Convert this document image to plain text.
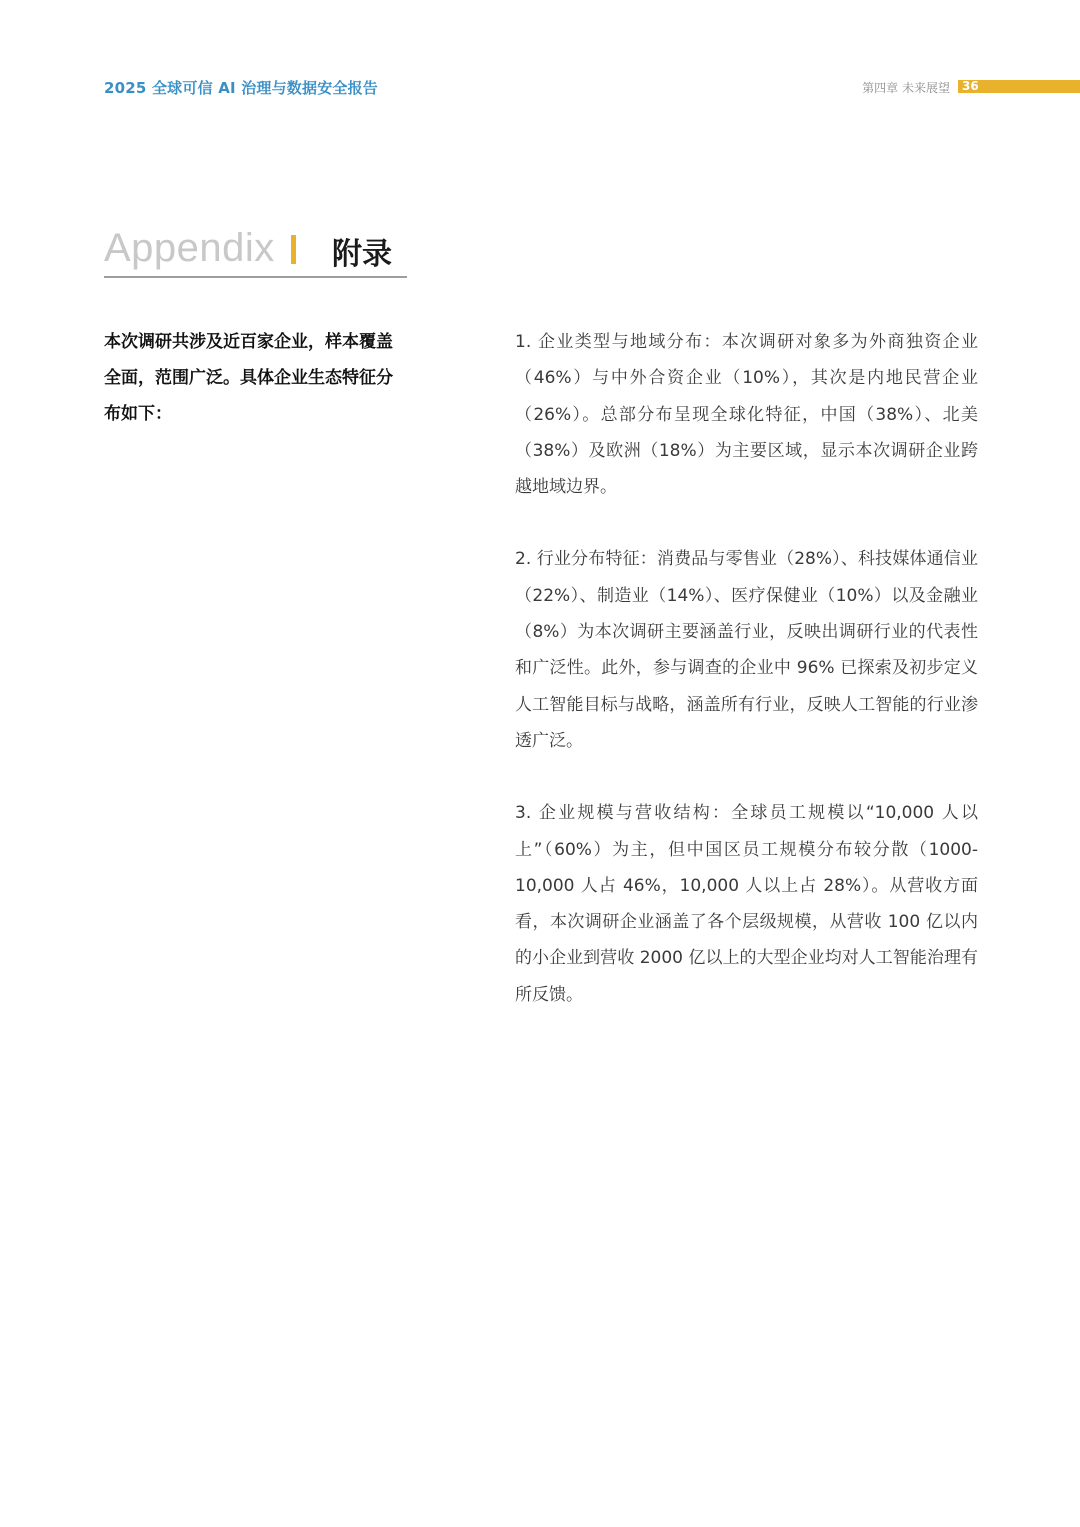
2025 全球可信 AI 治理与数据安全报告	第四章 未来展望 36
Appendix 附录
本次调研共涉及近百家企业，样本覆盖全面，范围广泛。具体企业生态特征分布如下：

1. 企业类型与地域分布：本次调研对象多为外商独资企业（46%）与中外合资企业（10%），其次是内地民营企业（26%）。总部分布呈现全球化特征，中国（38%）、北美（38%）及欧洲（18%）为主要区域，显示本次调研企业跨越地域边界。

2. 行业分布特征：消费品与零售业（28%）、科技媒体通信业（22%）、制造业（14%）、医疗保健业（10%）以及金融业（8%）为本次调研主要涵盖行业，反映出调研行业的代表性和广泛性。此外，参与调查的企业中 96% 已探索及初步定义人工智能目标与战略，涵盖所有行业，反映人工智能的行业渗透广泛。

3. 企业规模与营收结构：全球员工规模以“10,000 人以上”（60%）为主，但中国区员工规模分布较分散（1000-10,000 人占 46%，10,000 人以上占 28%）。从营收方面看，本次调研企业涵盖了各个层级规模，从营收 100 亿以内的小企业到营收 2000 亿以上的大型企业均对人工智能治理有所反馈。
